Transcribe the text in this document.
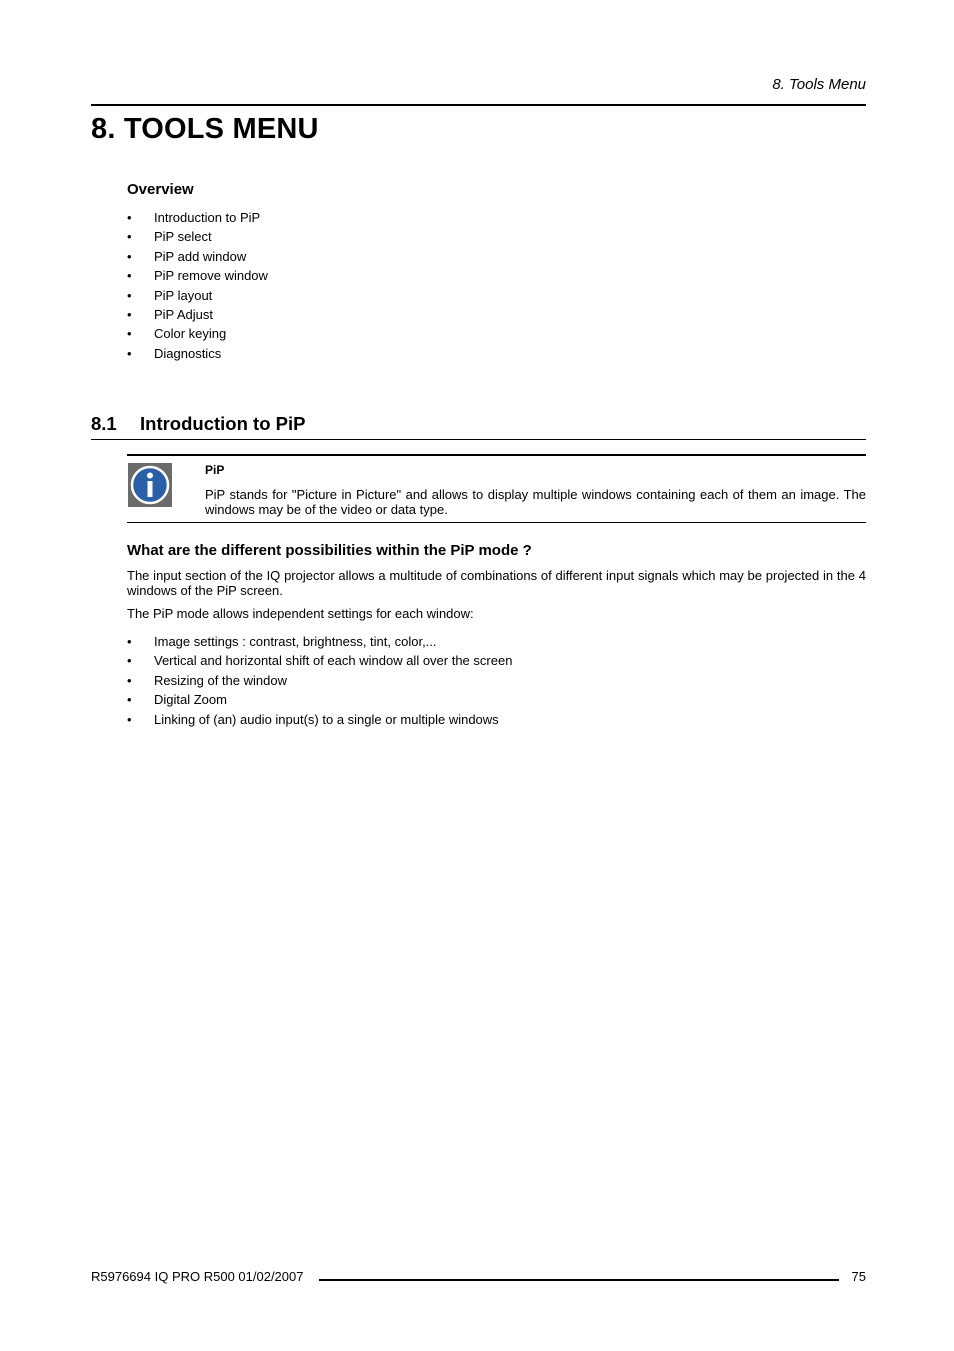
8. Tools Menu
8. TOOLS MENU
Overview
• Introduction to PiP
• PiP select
• PiP add window
• PiP remove window
• PiP layout
• PiP Adjust
• Color keying
• Diagnostics
8.1 Introduction to PiP
PiP

PiP stands for "Picture in Picture" and allows to display multiple windows containing each of them an image. The windows may be of the video or data type.

What are the different possibilities within the PiP mode ?

The input section of the IQ projector allows a multitude of combinations of different input signals which may be projected in the 4 windows of the PiP screen.

The PiP mode allows independent settings for each window:

• Image settings : contrast, brightness, tint, color,...
• Vertical and horizontal shift of each window all over the screen
• Resizing of the window
• Digital Zoom
• Linking of (an) audio input(s) to a single or multiple windows
R5976694 IQ PRO R500 01/02/2007	75
